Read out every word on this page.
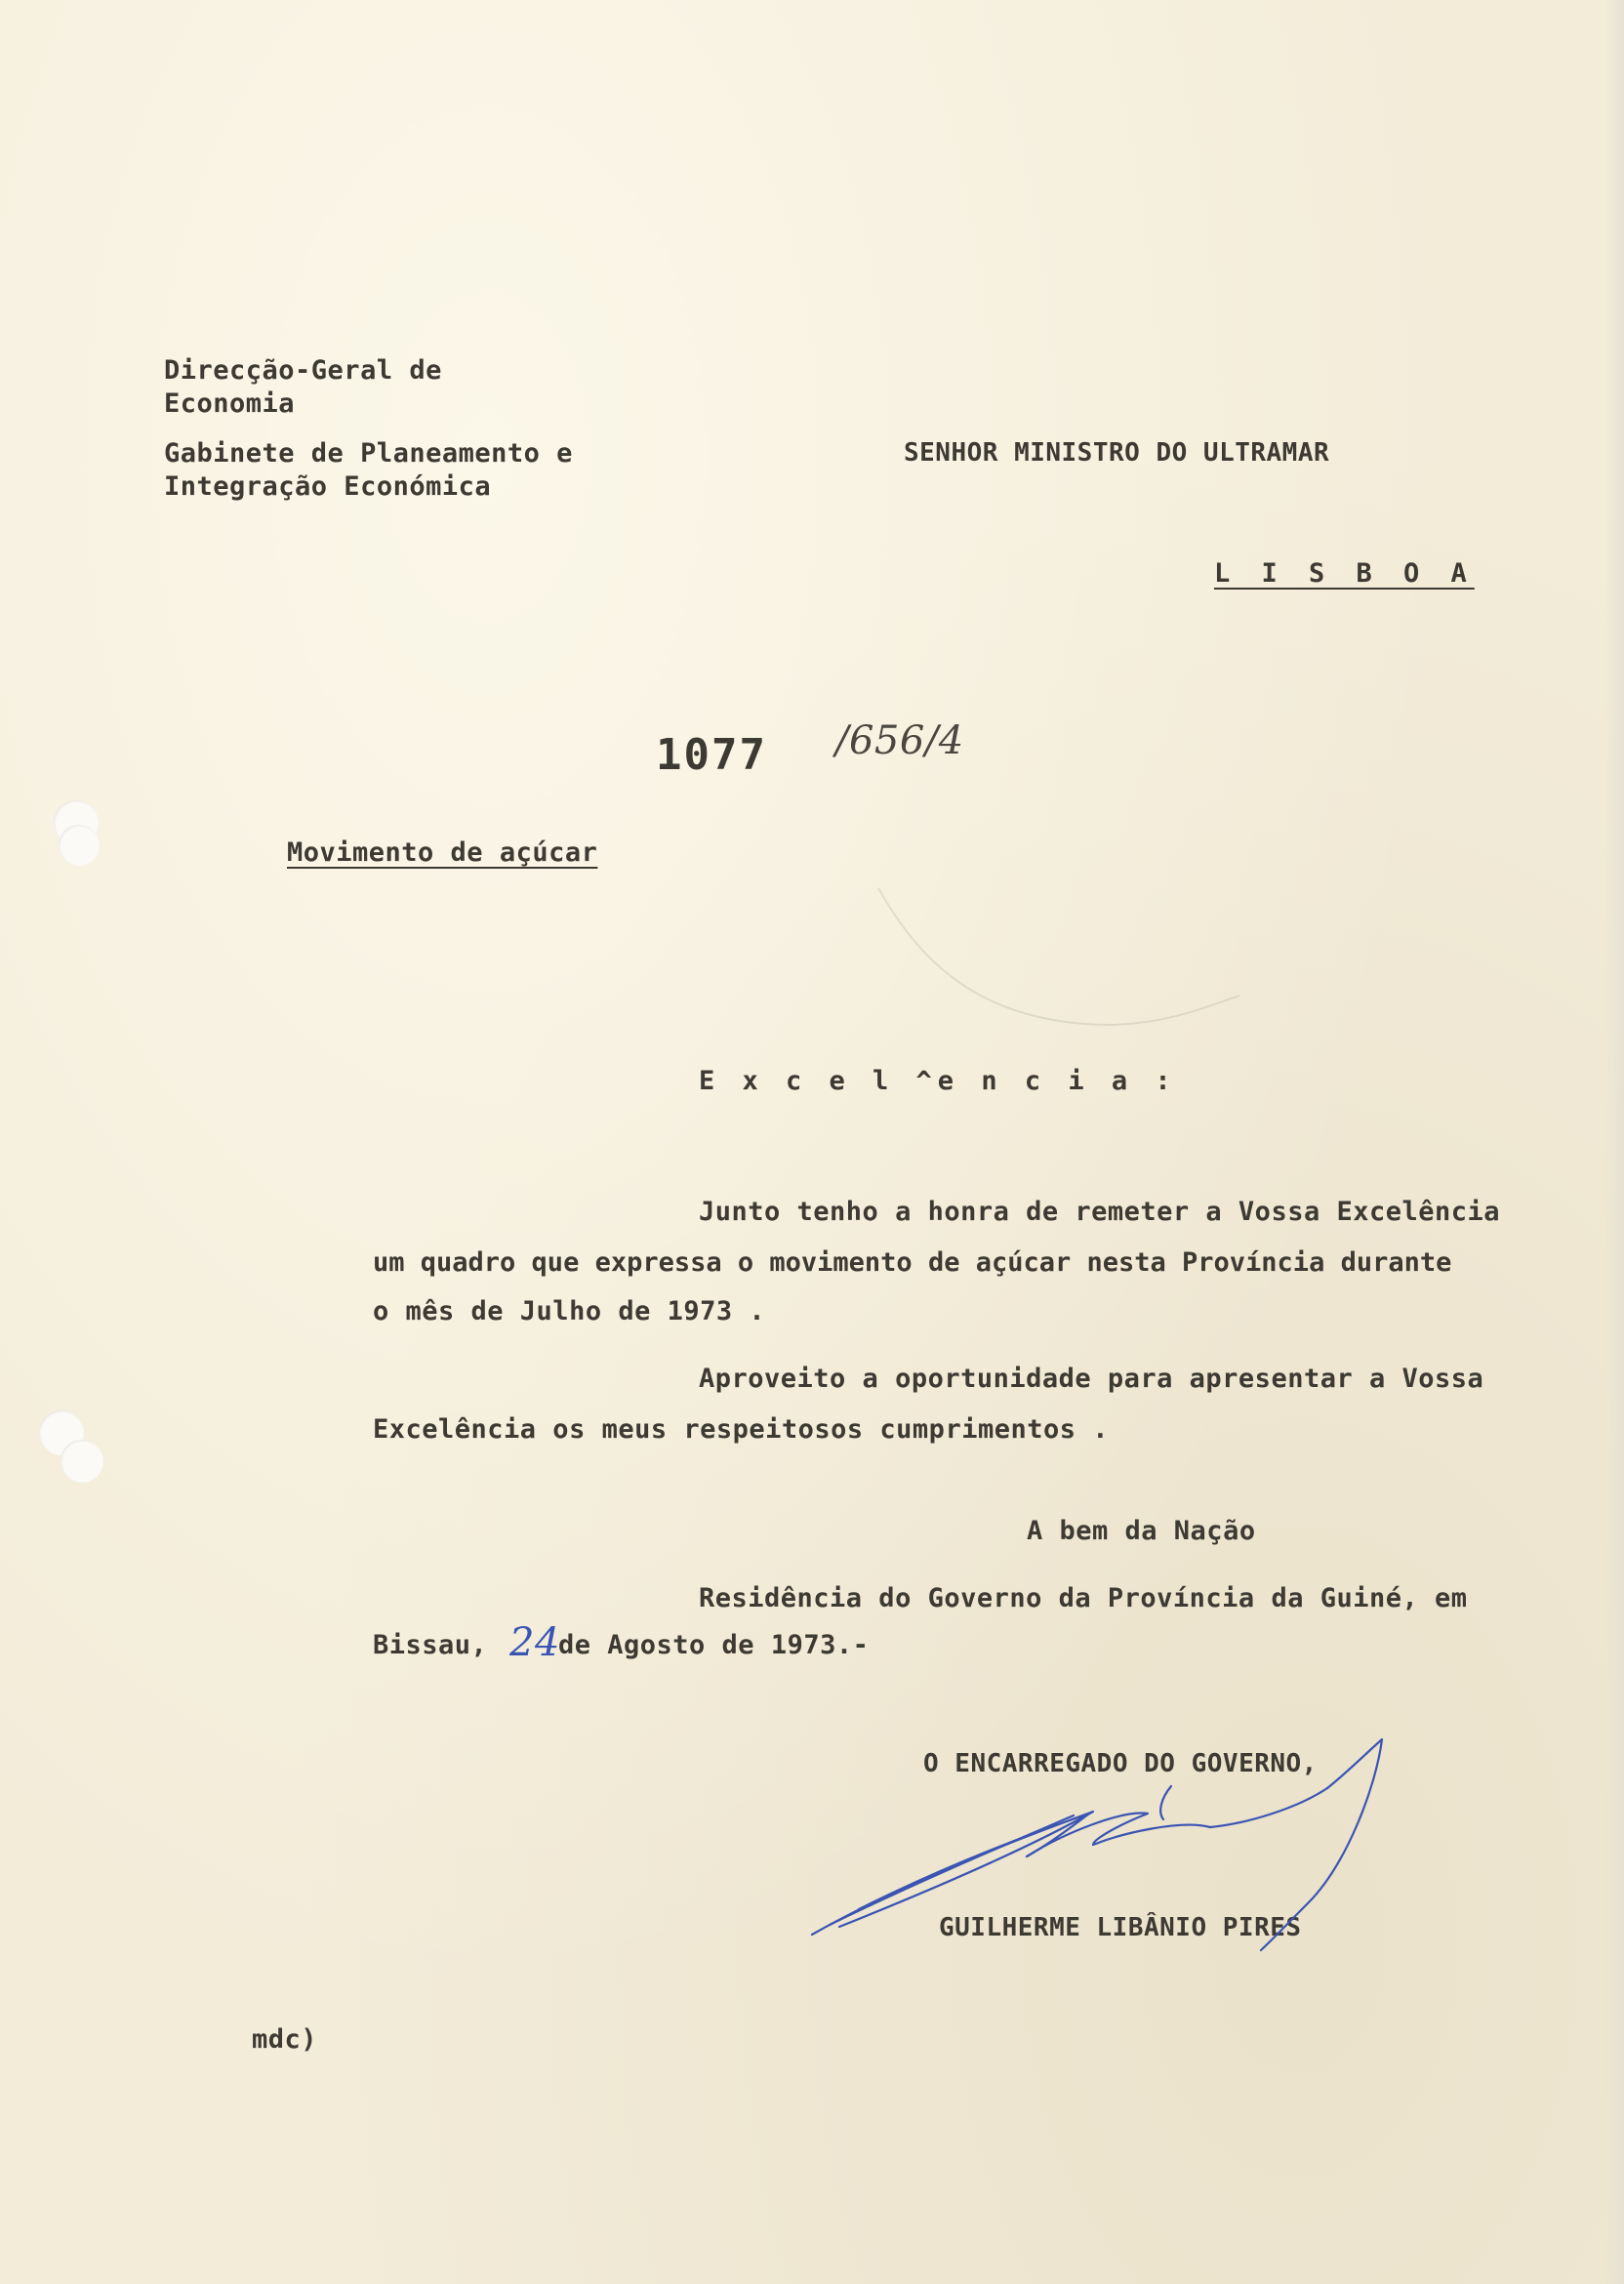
Direcção-Geral de

Economia

Gabinete de Planeamento e

Integração Económica

SENHOR MINISTRO DO ULTRAMAR

L I S B O A

1077 /656/4

Movimento de açúcar

E x c e l ^e n c i a :

Junto tenho a honra de remeter a Vossa Excelência

um quadro que expressa o movimento de açúcar nesta Província durante

o mês de Julho de 1973 .

Aproveito a oportunidade para apresentar a Vossa

Excelência os meus respeitosos cumprimentos .

A bem da Nação

Residência do Governo da Província da Guiné, em

Bissau, 24

de Agosto de 1973.-

O ENCARREGADO DO GOVERNO,

GUILHERME LIBÂNIO PIRES

mdc)
